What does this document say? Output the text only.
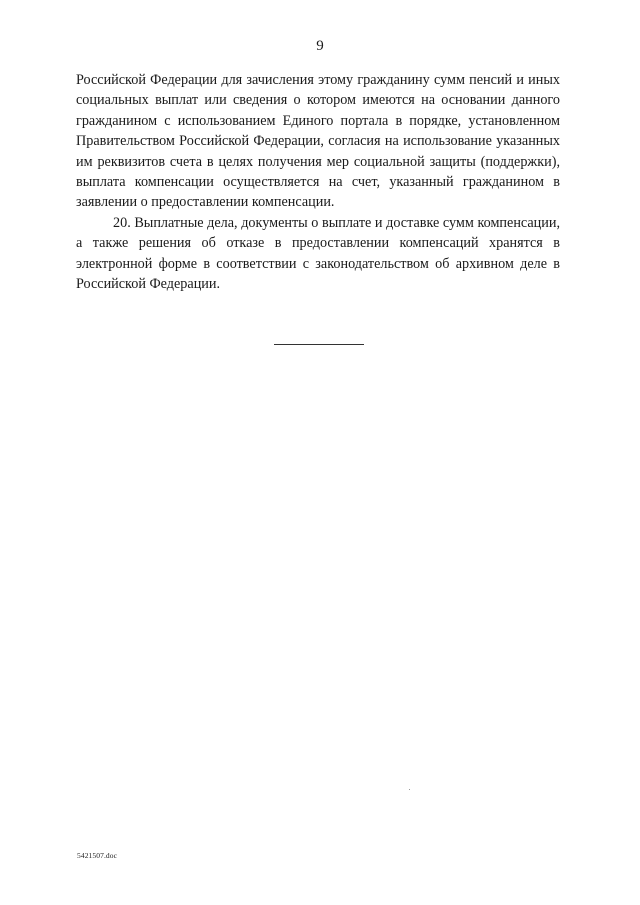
9

Российской Федерации для зачисления этому гражданину сумм пенсий и иных социальных выплат или сведения о котором имеются на основании данного гражданином с использованием Единого портала в порядке, установленном Правительством Российской Федерации, согласия на использование указанных им реквизитов счета в целях получения мер социальной защиты (поддержки), выплата компенсации осуществляется на счет, указанный гражданином в заявлении о предоставлении компенсации.

20. Выплатные дела, документы о выплате и доставке сумм компенсации, а также решения об отказе в предоставлении компенсаций хранятся в электронной форме в соответствии с законодательством об архивном деле в Российской Федерации.

5421507.doc
